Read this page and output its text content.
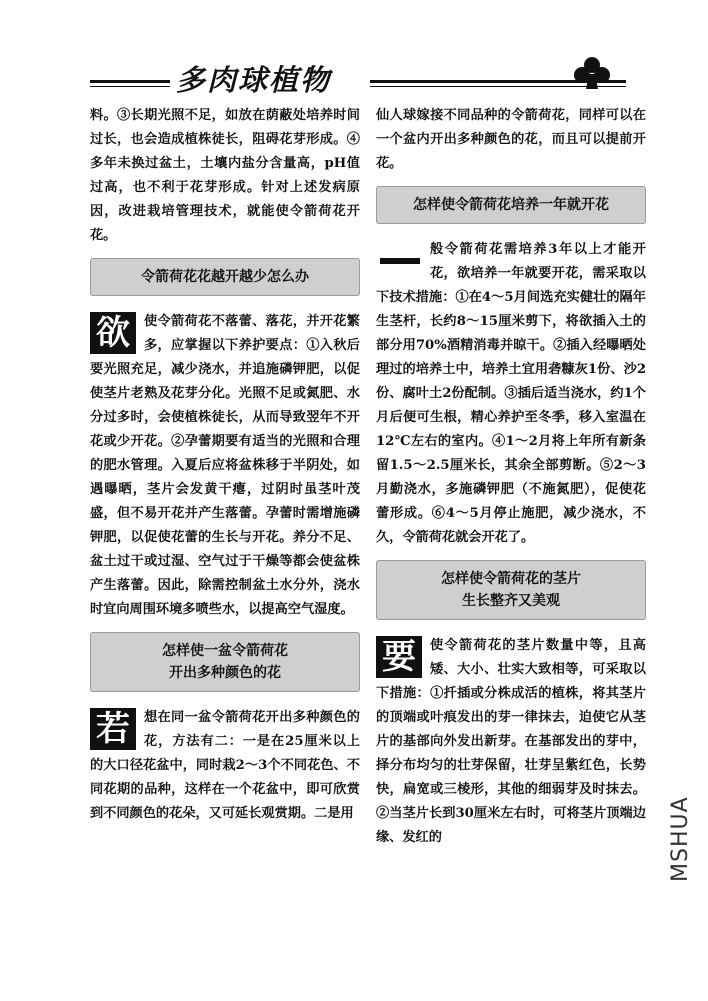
多肉球植物

料。③长期光照不足，如放在荫蔽处培养时间过长，也会造成植株徒长，阻碍花芽形成。④多年未换过盆土，土壤内盐分含量高，pH值过高，也不利于花芽形成。针对上述发病原因，改进栽培管理技术，就能使令箭荷花开花。

令箭荷花花越开越少怎么办

欲	使令箭荷花不落蕾、落花，并开花繁多，应掌握以下养护要点：①入秋后要光照充足，减少浇水，并追施磷钾肥，以促使茎片老熟及花芽分化。光照不足或氮肥、水分过多时，会使植株徒长，从而导致翌年不开花或少开花。②孕蕾期要有适当的光照和合理的肥水管理。入夏后应将盆株移于半阴处，如遇曝晒，茎片会发黄干瘪，过阴时虽茎叶茂盛，但不易开花并产生落蕾。孕蕾时需增施磷钾肥，以促使花蕾的生长与开花。养分不足、盆土过干或过湿、空气过于干燥等都会使盆株产生落蕾。因此，除需控制盆土水分外，浇水时宜向周围环境多喷些水，以提高空气湿度。

怎样使一盆令箭荷花
开出多种颜色的花

若	想在同一盆令箭荷花开出多种颜色的花，方法有二：一是在25厘米以上的大口径花盆中，同时栽2～3个不同花色、不同花期的品种，这样在一个花盆中，即可欣赏到不同颜色的花朵，又可延长观赏期。二是用

仙人球嫁接不同品种的令箭荷花，同样可以在一个盆内开出多种颜色的花，而且可以提前开花。

怎样使令箭荷花培养一年就开花

般令箭荷花需培养3年以上才能开花，欲培养一年就要开花，需采取以下技术措施：①在4～5月间选充实健壮的隔年生茎杆，长约8～15厘米剪下，将欲插入土的部分用70%酒精消毒并晾干。②插入经曝晒处理过的培养土中，培养土宜用砻糠灰1份、沙2份、腐叶土2份配制。③插后适当浇水，约1个月后便可生根，精心养护至冬季，移入室温在12℃左右的室内。④1～2月将上年所有新条留1.5～2.5厘米长，其余全部剪断。⑤2～3月勤浇水，多施磷钾肥（不施氮肥），促使花蕾形成。⑥4～5月停止施肥，减少浇水，不久，令箭荷花就会开花了。

怎样使令箭荷花的茎片
生长整齐又美观

要	使令箭荷花的茎片数量中等，且高矮、大小、壮实大致相等，可采取以下措施：①扦插或分株成活的植株，将其茎片的顶端或叶痕发出的芽一律抹去，迫使它从茎片的基部向外发出新芽。在基部发出的芽中，择分布均匀的壮芽保留，壮芽呈紫红色，长势快，扁宽或三棱形，其他的细弱芽及时抹去。②当茎片长到30厘米左右时，可将茎片顶端边缘、发红的	MSHUA
